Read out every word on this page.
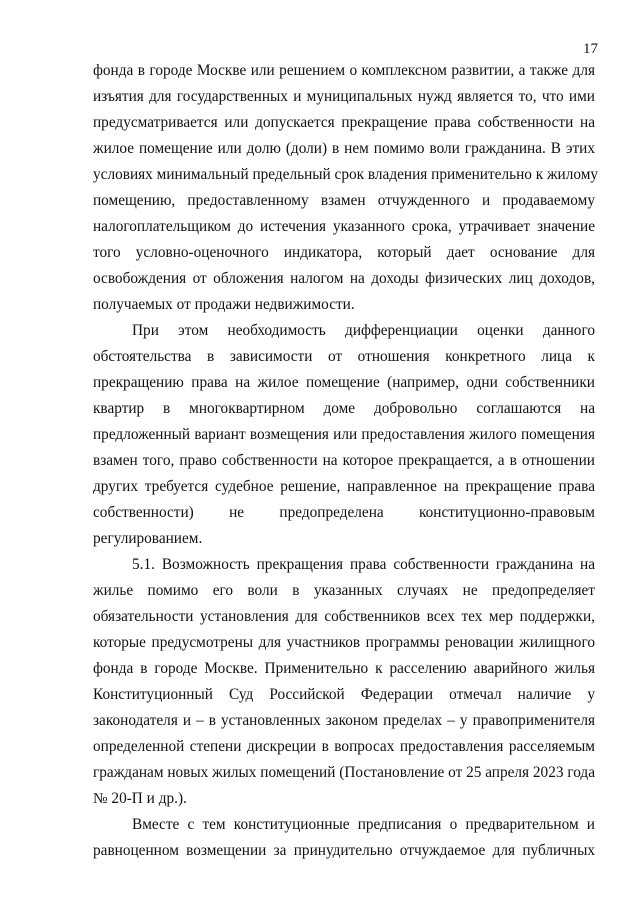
17
фонда в городе Москве или решением о комплексном развитии, а также для
изъятия для государственных и муниципальных нужд является то, что ими
предусматривается или допускается прекращение права собственности на
жилое помещение или долю (доли) в нем помимо воли гражданина. В этих
условиях минимальный предельный срок владения применительно к жилому
помещению, предоставленному взамен отчужденного и продаваемому
налогоплательщиком до истечения указанного срока, утрачивает значение
того условно-оценочного индикатора, который дает основание для
освобождения от обложения налогом на доходы физических лиц доходов,
получаемых от продажи недвижимости.
При этом необходимость дифференциации оценки данного
обстоятельства в зависимости от отношения конкретного лица к
прекращению права на жилое помещение (например, одни собственники
квартир в многоквартирном доме добровольно соглашаются на
предложенный вариант возмещения или предоставления жилого помещения
взамен того, право собственности на которое прекращается, а в отношении
других требуется судебное решение, направленное на прекращение права
собственности) не предопределена конституционно-правовым
регулированием.
5.1. Возможность прекращения права собственности гражданина на
жилье помимо его воли в указанных случаях не предопределяет
обязательности установления для собственников всех тех мер поддержки,
которые предусмотрены для участников программы реновации жилищного
фонда в городе Москве. Применительно к расселению аварийного жилья
Конституционный Суд Российской Федерации отмечал наличие у
законодателя и – в установленных законом пределах – у правоприменителя
определенной степени дискреции в вопросах предоставления расселяемым
гражданам новых жилых помещений (Постановление от 25 апреля 2023 года
№ 20-П и др.).
Вместе с тем конституционные предписания о предварительном и
равноценном возмещении за принудительно отчуждаемое для публичных
